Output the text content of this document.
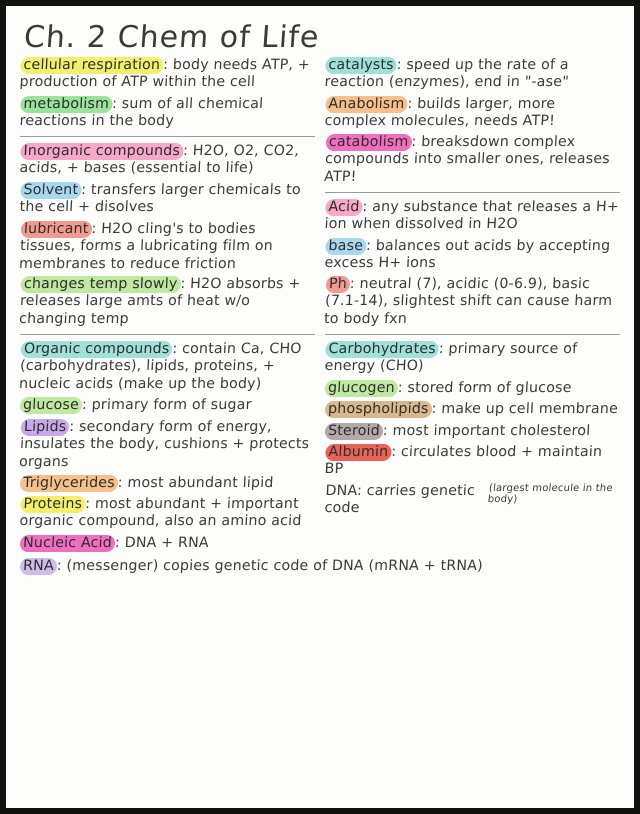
Ch. 2 Chem of Life
cellular respiration : body needs ATP, + production of ATP within the cell
metabolism : sum of all chemical reactions in the body
Inorganic compounds : H2O, O2, CO2, acids, + bases (essential to life)
Solvent : transfers larger chemicals to the cell + disolves
lubricant : H2O cling's to bodies tissues, forms a lubricating film on membranes to reduce friction
changes temp slowly : H2O absorbs + releases large amts of heat w/o changing temp
Organic compounds : contain Ca, CHO (carbohydrates), lipids, proteins, + nucleic acids (make up the body)
glucose : primary form of sugar
Lipids : secondary form of energy, insulates the body, cushions + protects organs
Triglycerides : most abundant lipid
Proteins : most abundant + important organic compound, also an amino acid
Nucleic Acid : DNA + RNA
catalysts : speed up the rate of a reaction (enzymes), end in "-ase"
Anabolism : builds larger, more complex molecules, needs ATP!
catabolism : breaksdown complex compounds into smaller ones, releases ATP!
Acid : any substance that releases a H+ ion when dissolved in H2O
base : balances out acids by accepting excess H+ ions
Ph : neutral (7), acidic (0-6.9), basic (7.1-14), slightest shift can cause harm to body fxn
Carbohydrates : primary source of energy (CHO)
glucogen : stored form of glucose
phospholipids : make up cell membrane
Steroid : most important cholesterol
Albumin : circulates blood + maintain BP
DNA: carries genetic code
(largest molecule in the body)
RNA : (messenger) copies genetic code of DNA (mRNA + tRNA)
